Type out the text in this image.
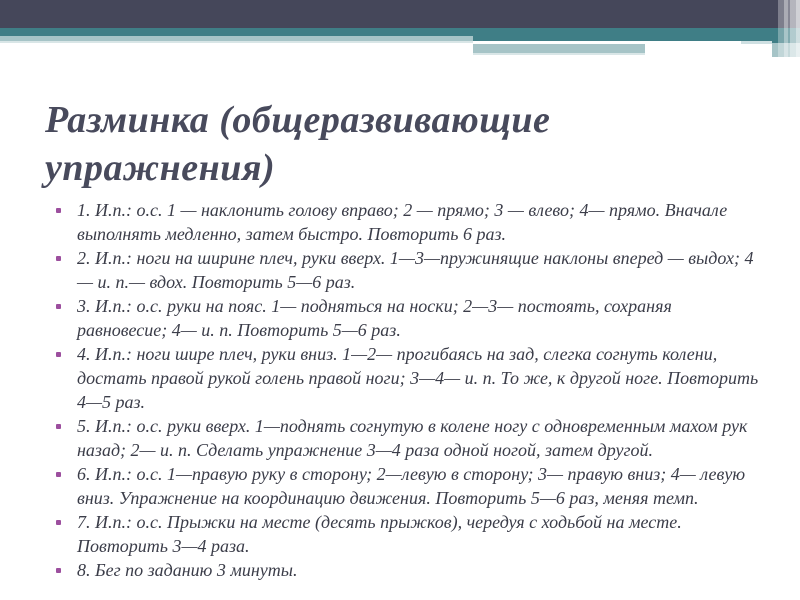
Разминка (общеразвивающие упражнения)
1. И.п.: о.с. 1 — наклонить голову вправо; 2 — прямо; 3 — влево; 4— прямо. Вначале выполнять медленно, затем быстро. Повторить 6 раз.
2. И.п.: ноги на ширине плеч, руки вверх. 1—3—пружинящие наклоны вперед — выдох; 4— и. п.— вдох. Повторить 5—6 раз.
3. И.п.: о.с. руки на пояс. 1— подняться на носки; 2—3— постоять, сохраняя равновесие; 4— и. п. Повторить 5—6 раз.
4. И.п.: ноги шире плеч, руки вниз. 1—2— прогибаясь на зад, слегка согнуть колени, достать правой рукой голень правой ноги; 3—4— и. п. То же, к другой ноге. Повторить 4—5 раз.
5. И.п.: о.с. руки вверх. 1—поднять согнутую в колене ногу с одновременным махом рук назад; 2— и. п. Сделать упражнение 3—4 раза одной ногой, затем другой.
6. И.п.: о.с. 1—правую руку в сторону; 2—левую в сторону; 3— правую вниз; 4— левую вниз. Упражнение на координацию движения. Повторить 5—6 раз, меняя темп.
7. И.п.: о.с. Прыжки на месте (десять прыжков), чередуя с ходьбой на месте. Повторить 3—4 раза.
8. Бег по заданию 3 минуты.
